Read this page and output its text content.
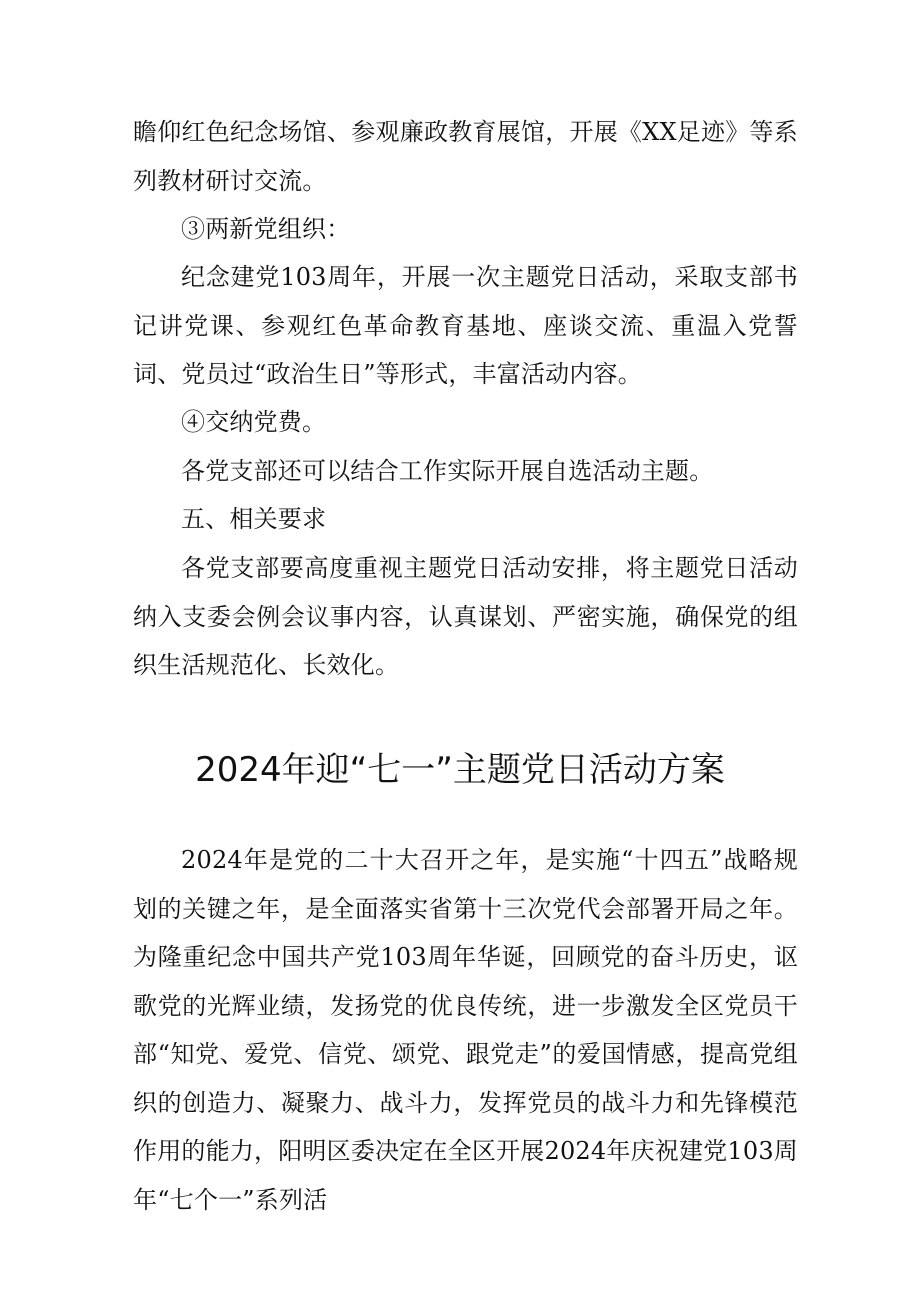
瞻仰红色纪念场馆、参观廉政教育展馆，开展《XX足迹》等系列教材研讨交流。

③两新党组织：

纪念建党103周年，开展一次主题党日活动，采取支部书记讲党课、参观红色革命教育基地、座谈交流、重温入党誓词、党员过“政治生日”等形式，丰富活动内容。

④交纳党费。

各党支部还可以结合工作实际开展自选活动主题。

五、相关要求

各党支部要高度重视主题党日活动安排，将主题党日活动纳入支委会例会议事内容，认真谋划、严密实施，确保党的组织生活规范化、长效化。

2024年迎“七一”主题党日活动方案

2024年是党的二十大召开之年，是实施“十四五”战略规划的关键之年，是全面落实省第十三次党代会部署开局之年。为隆重纪念中国共产党103周年华诞，回顾党的奋斗历史，讴歌党的光辉业绩，发扬党的优良传统，进一步激发全区党员干部“知党、爱党、信党、颂党、跟党走”的爱国情感，提高党组织的创造力、凝聚力、战斗力，发挥党员的战斗力和先锋模范作用的能力，阳明区委决定在全区开展2024年庆祝建党103周年“七个一”系列活
